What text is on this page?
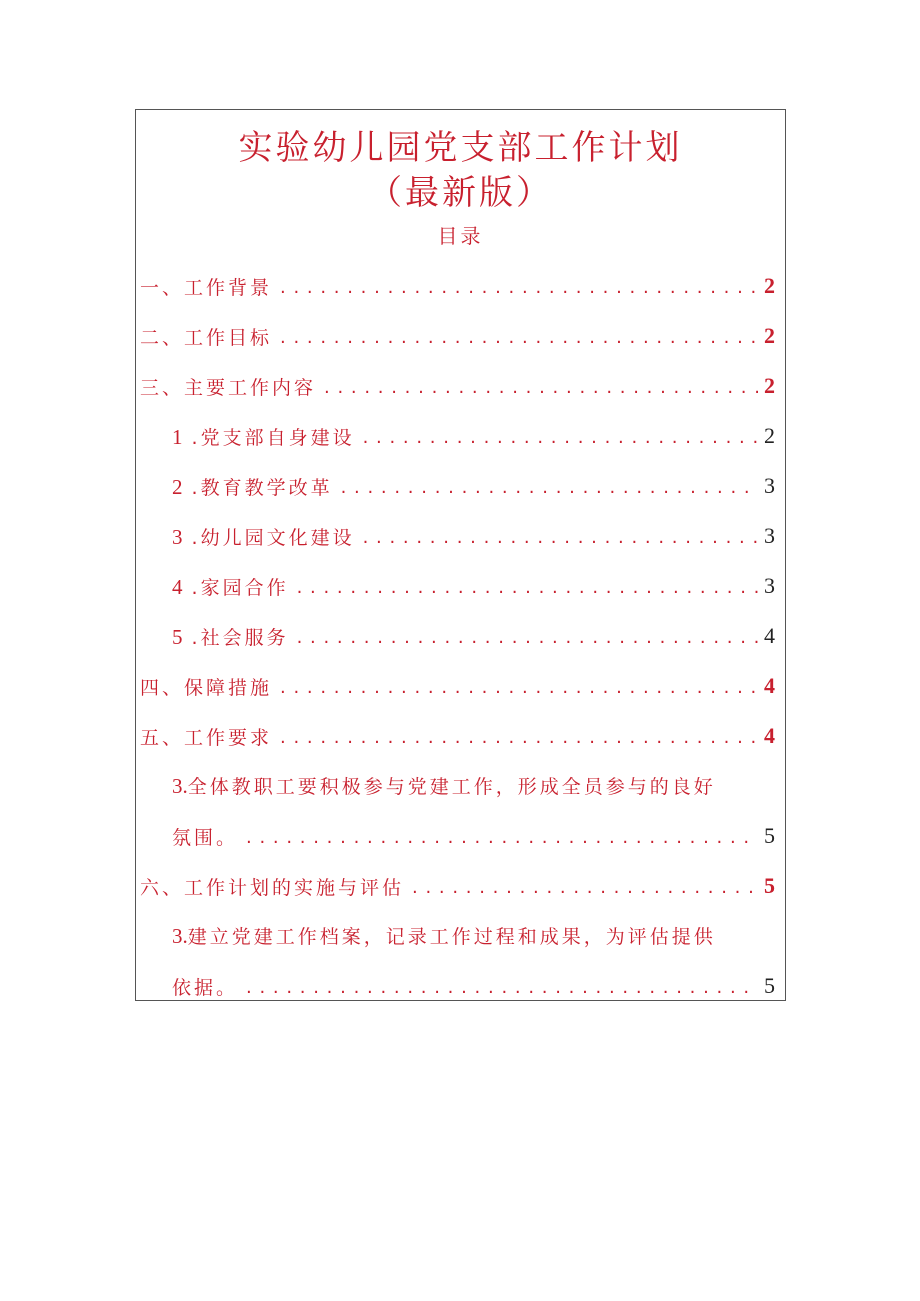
实验幼儿园党支部工作计划
（最新版）
目录
一、工作背景 . . .	2
二、工作目标 . . .	2
三、主要工作内容 . . .	2
1 .党支部自身建设 . . .	2
2 .教育教学改革 . . .	3
3 .幼儿园文化建设 . . .	3
4 .家园合作 . . .	3
5 .社会服务 . . .	4
四、保障措施 . . .	4
五、工作要求 . . .	4
3.全体教职工要积极参与党建工作，形成全员参与的良好
氛围。 . . .	5
六、工作计划的实施与评估 . . .	5
3.建立党建工作档案，记录工作过程和成果，为评估提供
依据。 . . .	5
